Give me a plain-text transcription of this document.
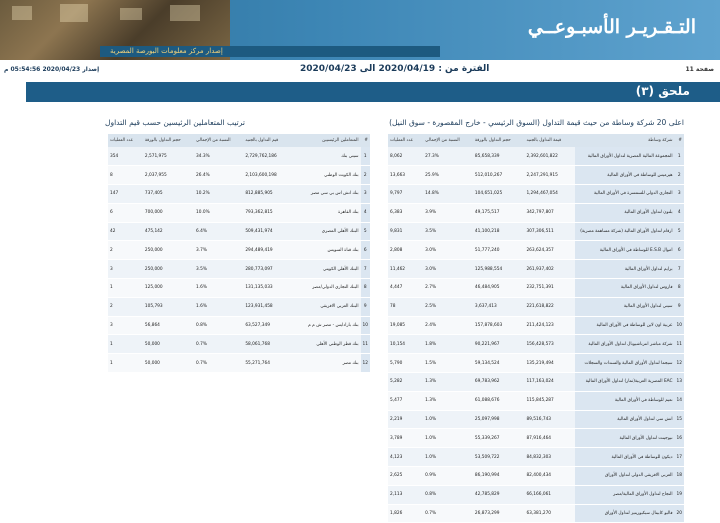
التـقـريـر الأسبـوعــي
إصدار مركز معلومات البورصة المصرية
صفحة 11
الفترة من : 2020/04/19 الى 2020/04/23
إصدار 2020/04/23 05:54:56 م
ملحق (٣)
اعلى 20 شركة وساطة من حيث قيمة التداول (السوق الرئيسي - خارج المقصورة - سوق النيل)
ترتيب المتعاملين الرئيسين حسب قيم التداول
#	شركة وساطة	قيمة التداول بالجنيه	حجم التداول بالورقة	النسبة من الإجمالي	عدد العمليات
1	المجموعة المالية المصرية لتداول الأوراق المالية	2,392,601,822	85,658,339	27.3%	8,062
2	هيرميس للوساطة في الأوراق المالية	2,247,291,915	512,010,267	25.9%	13,663
3	التجاري الدولي للسمسرة في الأوراق المالية	1,294,467,054	104,651,025	14.8%	9,797
4	بلتون لتداول الأوراق المالية	342,797,807	49,175,517	3.9%	6,383
5	ارقام لتداول الأوراق المالية (شركة مساهمة مصرية)	307,306,511	41,100,218	3.5%	9,831
6	اموال E.S.B للوساطة في الأوراق المالية	263,624,357	51,777,240	3.0%	2,808
7	برايم لتداول الأوراق المالية	261,937,402	125,988,554	3.0%	11,462
8	فاروس لتداول الأوراق المالية	232,751,391	46,484,905	2.7%	4,447
9	سيتي لتداول الأوراق المالية	221,618,822	3,637,413	2.5%	78
10	عربية اون لاين للوساطة في الأوراق المالية	211,424,123	157,878,603	2.4%	19,085
11	شركة مباشر انترناشيونال لتداول الأوراق المالية	156,428,573	90,221,967	1.8%	10,154
12	سيجما لتداول الأوراق المالية والسندات والسجلات	135,219,494	59,134,524	1.5%	5,790
13	EAC المصرية العربية(ثمار) لتداول الأوراق المالية	117,163,024	69,783,962	1.3%	5,282
14	نعيم للوساطة في الأوراق المالية	115,845,287	61,088,676	1.3%	5,477
15	اتش سي لتداول الأوراق المالية	89,516,743	25,097,998	1.0%	2,219
16	نيوجينت لتداول الأوراق المالية	87,916,464	55,339,267	1.0%	3,789
17	ديكون للوساطة في الأوراق المالية	84,832,303	53,509,722	1.0%	4,123
18	العربي الافريقي الدولي لتداول الأوراق	82,400,434	86,190,994	0.9%	2,625
19	النجاح لتداول الأوراق المالية/مصر	66,166,061	42,785,829	0.8%	2,113
20	فاليو كابيتال سيكيوريتيز لتداول الأوراق	63,381,270	26,873,299	0.7%	1,826
#	المتعاملين الرئيسيين	قيم التداول بالجنيه	النسبة من الإجمالي	حجم التداول بالورقة	عدد العمليات
1	سيتي بنك	2,729,762,186	34.3%	2,571,975	354
2	بنك الكويت الوطني	2,103,600,198	26.4%	2,037,955	8
3	بنك اتش اس بي سي مصر	812,885,905	10.2%	737,405	147
4	بنك القاهرة	793,362,815	10.0%	700,000	6
5	البنك الأهلي المصري	509,431,974	6.4%	475,142	42
6	بنك قناة السويس	294,489,419	3.7%	250,000	2
7	البنك الأهلي الكويتي	280,773,097	3.5%	250,000	3
8	البنك التجاري الدولي/مصر	131,135,033	1.6%	125,000	1
9	البنك العربي الافريقي	123,931,458	1.6%	105,793	2
10	بنك بارادايس - مصر ش م م	63,527,349	0.8%	56,864	3
11	بنك قطر الوطني الأهلي	58,061,768	0.7%	50,000	1
12	بنك مصر	55,271,764	0.7%	50,000	1
